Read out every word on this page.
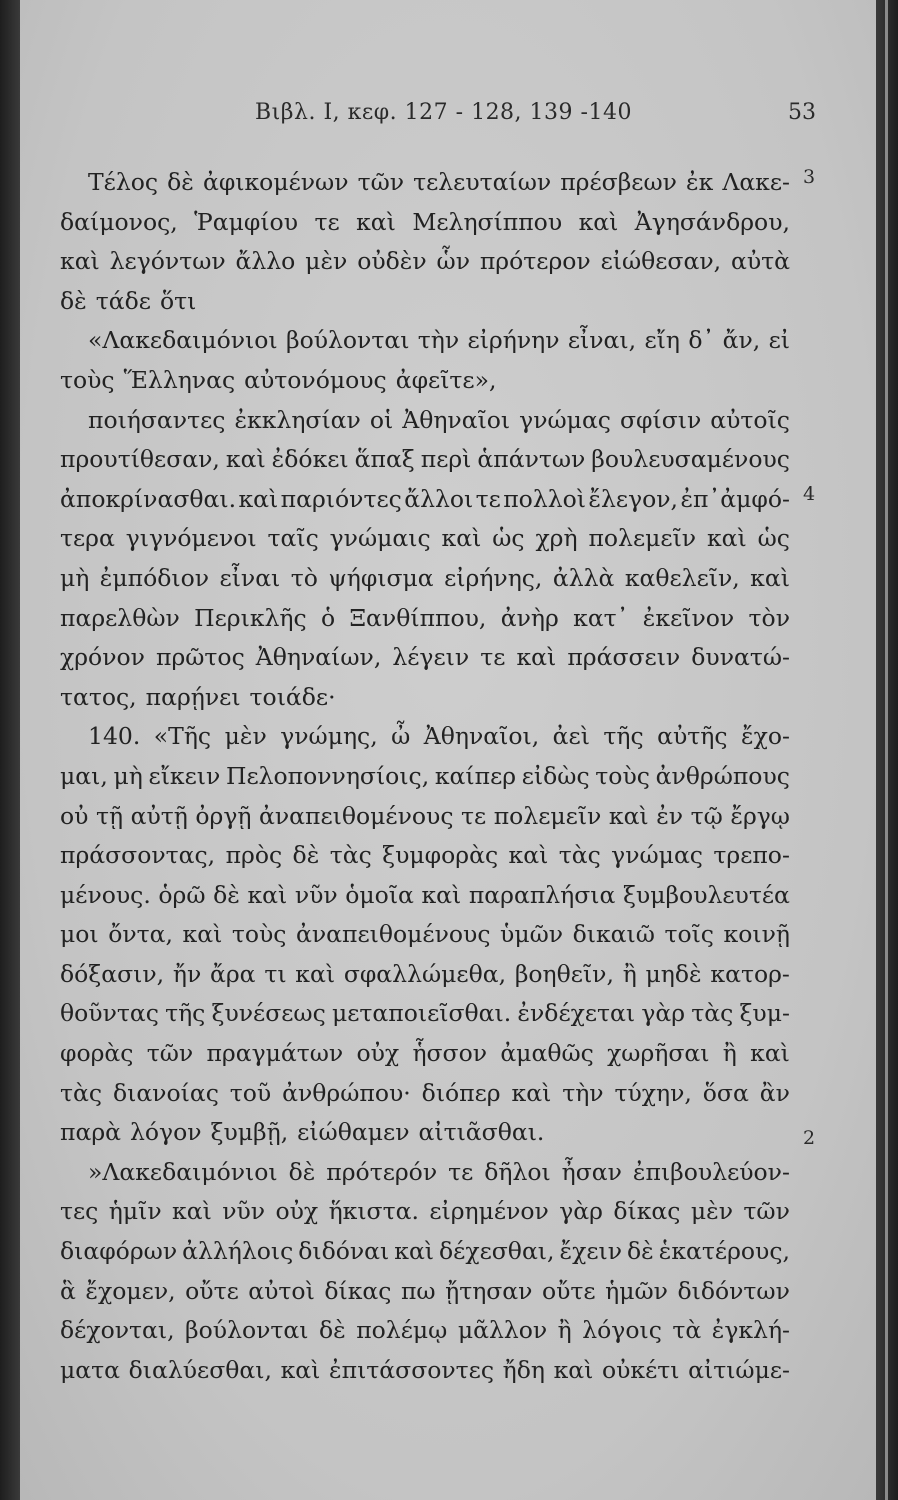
Βιβλ. I, κεφ. 127 - 128, 139 -140	53
3
4
2
Τέλος δὲ ἀφικομένων τῶν τελευταίων πρέσβεων ἐκ Λακε-
δαίμονος, Ῥαμφίου τε καὶ Μελησίππου καὶ Ἀγησάνδρου,
καὶ λεγόντων ἄλλο μὲν οὐδὲν ὧν πρότερον εἰώθεσαν, αὐτὰ
δὲ τάδε ὅτι
«Λακεδαιμόνιοι βούλονται τὴν εἰρήνην εἶναι, εἴη δ᾽ ἄν, εἰ
τοὺς Ἕλληνας αὐτονόμους ἀφεῖτε»,
ποιήσαντες ἐκκλησίαν οἱ Ἀθηναῖοι γνώμας σφίσιν αὐτοῖς
προυτίθεσαν, καὶ ἐδόκει ἅπαξ περὶ ἁπάντων βουλευσαμένους
ἀποκρίνασθαι. καὶ παριόντες ἄλλοι τε πολλοὶ ἔλεγον, ἐπ᾽ἀμφό-
τερα γιγνόμενοι ταῖς γνώμαις καὶ ὡς χρὴ πολεμεῖν καὶ ὡς
μὴ ἐμπόδιον εἶναι τὸ ψήφισμα εἰρήνης, ἀλλὰ καθελεῖν, καὶ
παρελθὼν Περικλῆς ὁ Ξανθίππου, ἀνὴρ κατ᾽ ἐκεῖνον τὸν
χρόνον πρῶτος Ἀθηναίων, λέγειν τε καὶ πράσσειν δυνατώ-
τατος, παρῄνει τοιάδε·
140. «Τῆς μὲν γνώμης, ὦ Ἀθηναῖοι, ἀεὶ τῆς αὐτῆς ἔχο-
μαι, μὴ εἴκειν Πελοποννησίοις, καίπερ εἰδὼς τοὺς ἀνθρώπους
οὐ τῇ αὐτῇ ὀργῇ ἀναπειθομένους τε πολεμεῖν καὶ ἐν τῷ ἔργῳ
πράσσοντας, πρὸς δὲ τὰς ξυμφορὰς καὶ τὰς γνώμας τρεπο-
μένους. ὁρῶ δὲ καὶ νῦν ὁμοῖα καὶ παραπλήσια ξυμβουλευτέα
μοι ὄντα, καὶ τοὺς ἀναπειθομένους ὑμῶν δικαιῶ τοῖς κοινῇ
δόξασιν, ἤν ἄρα τι καὶ σφαλλώμεθα, βοηθεῖν, ἢ μηδὲ κατορ-
θοῦντας τῆς ξυνέσεως μεταποιεῖσθαι. ἐνδέχεται γὰρ τὰς ξυμ-
φορὰς τῶν πραγμάτων οὐχ ἧσσον ἀμαθῶς χωρῆσαι ἢ καὶ
τὰς διανοίας τοῦ ἀνθρώπου· διόπερ καὶ τὴν τύχην, ὅσα ἂν
παρὰ λόγον ξυμβῇ, εἰώθαμεν αἰτιᾶσθαι.
»Λακεδαιμόνιοι δὲ πρότερόν τε δῆλοι ἦσαν ἐπιβουλεύον-
τες ἡμῖν καὶ νῦν οὐχ ἥκιστα. εἰρημένον γὰρ δίκας μὲν τῶν
διαφόρων ἀλλήλοις διδόναι καὶ δέχεσθαι, ἔχειν δὲ ἑκατέρους,
ἃ ἔχομεν, οὔτε αὐτοὶ δίκας πω ᾔτησαν οὔτε ἡμῶν διδόντων
δέχονται, βούλονται δὲ πολέμῳ μᾶλλον ἢ λόγοις τὰ ἐγκλή-
ματα διαλύεσθαι, καὶ ἐπιτάσσοντες ἤδη καὶ οὐκέτι αἰτιώμε-
